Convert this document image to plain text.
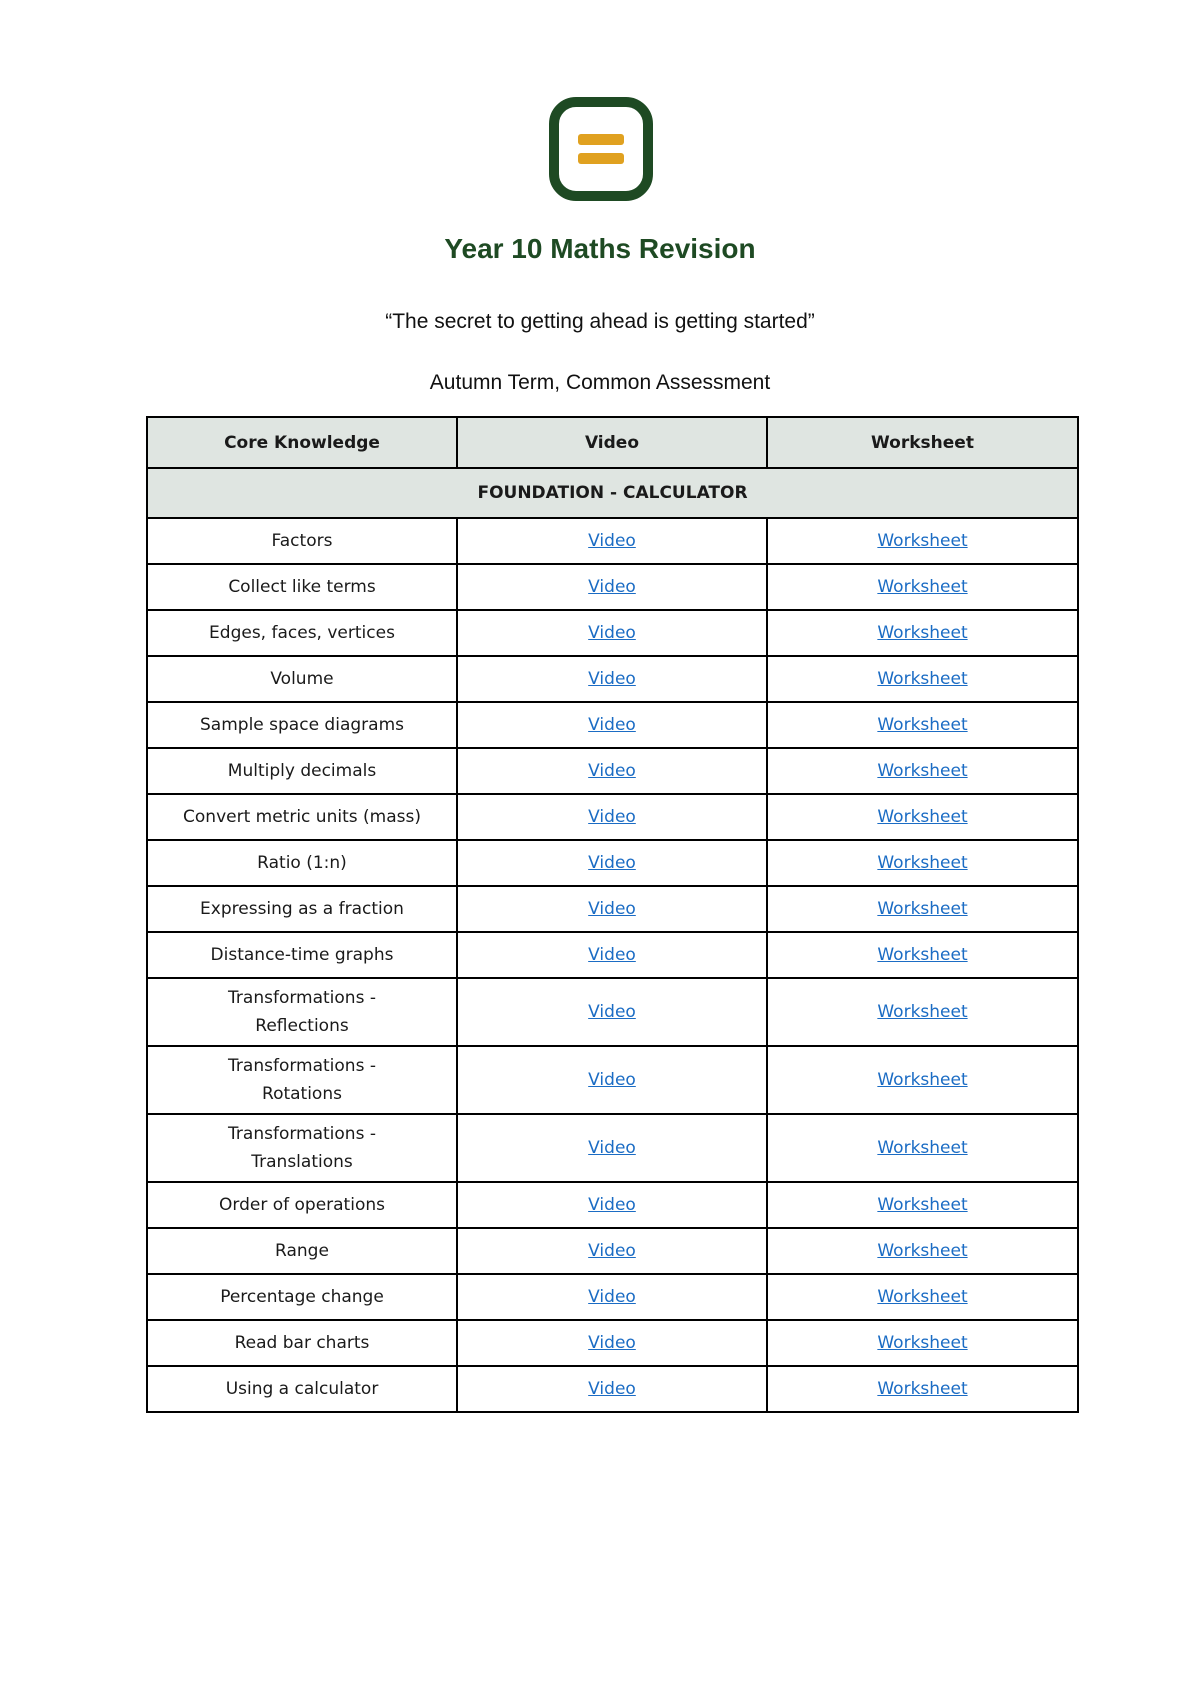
Year 10 Maths Revision
“The secret to getting ahead is getting started”
Autumn Term, Common Assessment
Core Knowledge	Video	Worksheet
FOUNDATION - CALCULATOR		

Factors	Video	Worksheet

Collect like terms	Video	Worksheet

Edges, faces, vertices	Video	Worksheet

Volume	Video	Worksheet

Sample space diagrams	Video	Worksheet

Multiply decimals	Video	Worksheet

Convert metric units (mass)	Video	Worksheet

Ratio (1:n)	Video	Worksheet

Expressing as a fraction	Video	Worksheet

Distance-time graphs	Video	Worksheet

Transformations -
Reflections	Video	Worksheet

Transformations -
Rotations	Video	Worksheet

Transformations -
Translations	Video	Worksheet

Order of operations	Video	Worksheet

Range	Video	Worksheet

Percentage change	Video	Worksheet

Read bar charts	Video	Worksheet

Using a calculator	Video	Worksheet
